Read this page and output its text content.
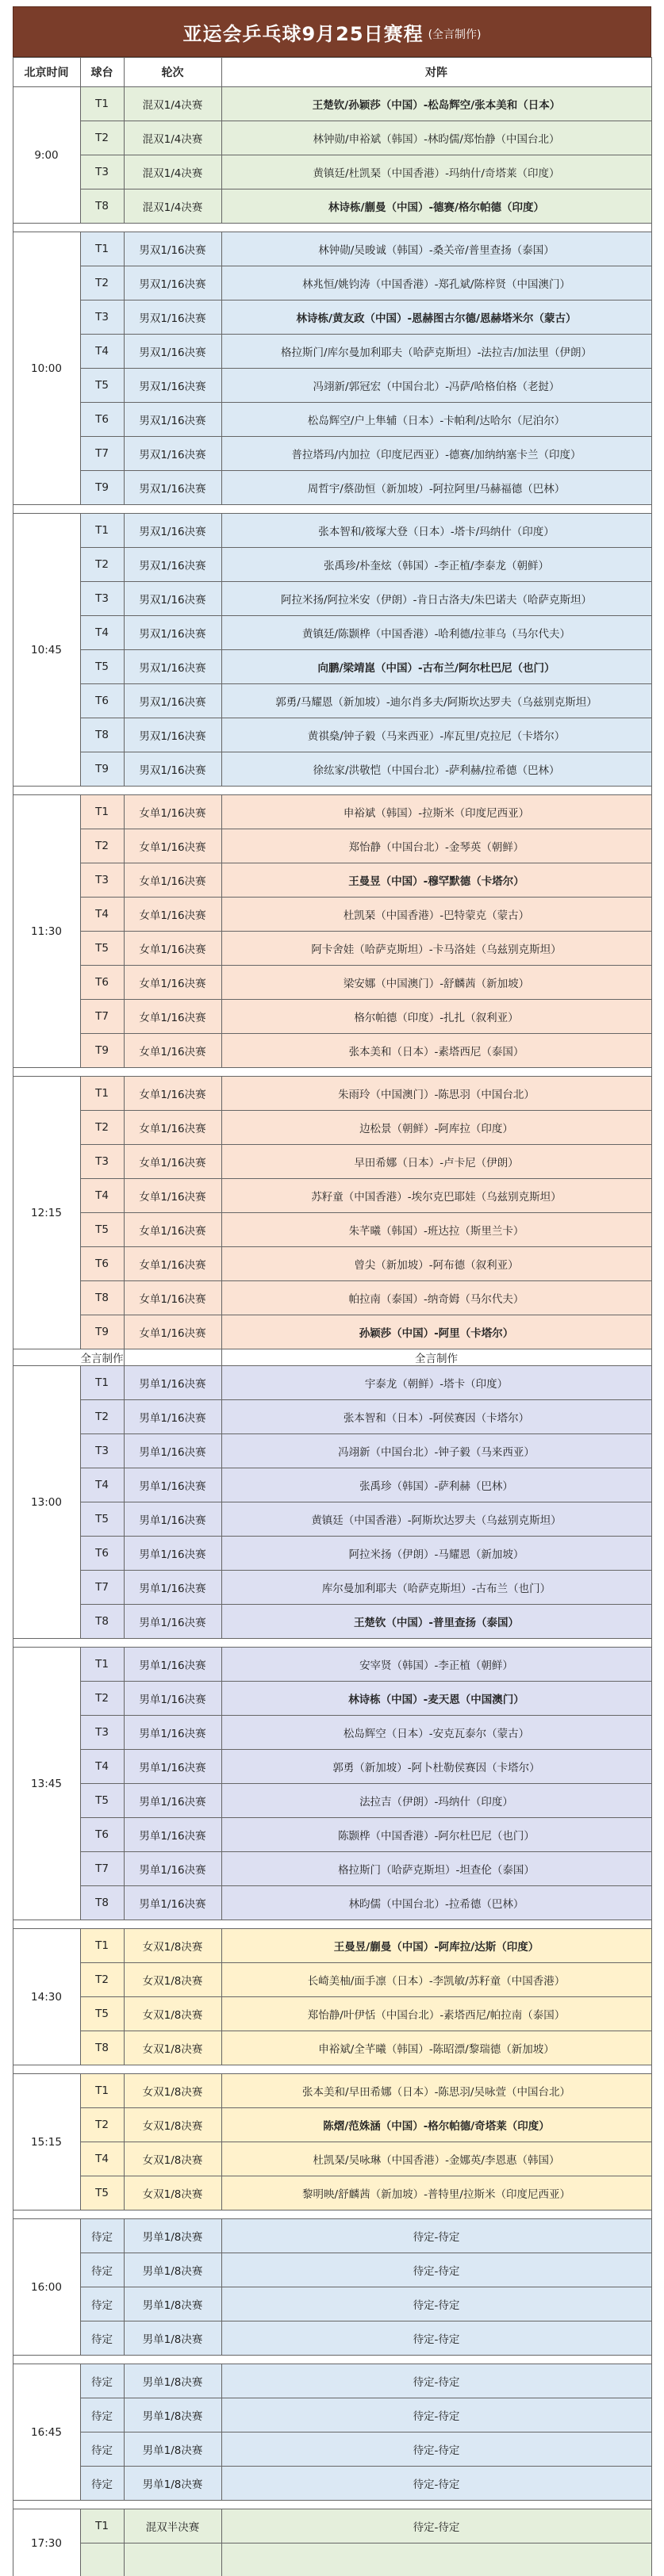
亚运会乒乓球9月25日赛程 (全言制作)
北京时间	球台	轮次	对阵
9:00	T1	混双1/4决赛	王楚钦/孙颖莎（中国）-松岛辉空/张本美和（日本）
	T2	混双1/4决赛	林钟勋/申裕斌（韩国）-林昀儒/郑怡静（中国台北）
	T3	混双1/4决赛	黄镇廷/杜凯琹（中国香港）-玛纳什/奇塔莱（印度）
	T8	混双1/4决赛	林诗栋/蒯曼（中国）-德赛/格尔帕德（印度）

10:00	T1	男双1/16决赛	林钟勋/吴晙诚（韩国）-桑关帝/普里查扬（泰国）
	T2	男双1/16决赛	林兆恒/姚钧涛（中国香港）-郑孔斌/陈梓贤（中国澳门）
	T3	男双1/16决赛	林诗栋/黄友政（中国）-恩赫图古尔德/恩赫塔米尔（蒙古）
	T4	男双1/16决赛	格拉斯门/库尔曼加利耶夫（哈萨克斯坦）-法拉吉/加法里（伊朗）
	T5	男双1/16决赛	冯翊新/郭冠宏（中国台北）-冯萨/哈格伯格（老挝）
	T6	男双1/16决赛	松岛辉空/户上隼辅（日本）-卡帕利/达哈尔（尼泊尔）
	T7	男双1/16决赛	普拉塔玛/内加拉（印度尼西亚）-德赛/加纳纳塞卡兰（印度）
	T9	男双1/16决赛	周哲宇/蔡劭恒（新加坡）-阿拉阿里/马赫福德（巴林）

10:45	T1	男双1/16决赛	张本智和/筱塚大登（日本）-塔卡/玛纳什（印度）
	T2	男双1/16决赛	张禹珍/朴奎炫（韩国）-李正植/李泰龙（朝鲜）
	T3	男双1/16决赛	阿拉米扬/阿拉米安（伊朗）-肯日古洛夫/朱巴诺夫（哈萨克斯坦）
	T4	男双1/16决赛	黄镇廷/陈颢桦（中国香港）-哈利德/拉菲乌（马尔代夫）
	T5	男双1/16决赛	向鹏/梁靖崑（中国）-古布兰/阿尔杜巴尼（也门）
	T6	男双1/16决赛	郭勇/马耀恩（新加坡）-迪尔肖多夫/阿斯坎达罗夫（乌兹别克斯坦）
	T8	男双1/16决赛	黄祺燊/钟子毅（马来西亚）-库瓦里/克拉尼（卡塔尔）
	T9	男双1/16决赛	徐纮家/洪敬恺（中国台北）-萨利赫/拉希德（巴林）

11:30	T1	女单1/16决赛	申裕斌（韩国）-拉斯米（印度尼西亚）
	T2	女单1/16决赛	郑怡静（中国台北）-金琴英（朝鲜）
	T3	女单1/16决赛	王曼昱（中国）-穆罕默德（卡塔尔）
	T4	女单1/16决赛	杜凯琹（中国香港）-巴特蒙克（蒙古）
	T5	女单1/16决赛	阿卡舍娃（哈萨克斯坦）-卡马洛娃（乌兹别克斯坦）
	T6	女单1/16决赛	梁安娜（中国澳门）-舒麟茜（新加坡）
	T7	女单1/16决赛	格尔帕德（印度）-扎扎（叙利亚）
	T9	女单1/16决赛	张本美和（日本）-素塔西尼（泰国）

12:15	T1	女单1/16决赛	朱雨玲（中国澳门）-陈思羽（中国台北）
	T2	女单1/16决赛	边松景（朝鲜）-阿库拉（印度）
	T3	女单1/16决赛	早田希娜（日本）-卢卡尼（伊朗）
	T4	女单1/16决赛	苏籽童（中国香港）-埃尔克巴耶娃（乌兹别克斯坦）
	T5	女单1/16决赛	朱芊曦（韩国）-班达拉（斯里兰卡）
	T6	女单1/16决赛	曾尖（新加坡）-阿布德（叙利亚）
	T8	女单1/16决赛	帕拉南（泰国）-纳奇姆（马尔代夫）
	T9	女单1/16决赛	孙颖莎（中国）-阿里（卡塔尔）
全言制作			全言制作
13:00	T1	男单1/16决赛	宇泰龙（朝鲜）-塔卡（印度）
	T2	男单1/16决赛	张本智和（日本）-阿侯赛因（卡塔尔）
	T3	男单1/16决赛	冯翊新（中国台北）-钟子毅（马来西亚）
	T4	男单1/16决赛	张禹珍（韩国）-萨利赫（巴林）
	T5	男单1/16决赛	黄镇廷（中国香港）-阿斯坎达罗夫（乌兹别克斯坦）
	T6	男单1/16决赛	阿拉米扬（伊朗）-马耀恩（新加坡）
	T7	男单1/16决赛	库尔曼加利耶夫（哈萨克斯坦）-古布兰（也门）
	T8	男单1/16决赛	王楚钦（中国）-普里查扬（泰国）

13:45	T1	男单1/16决赛	安宰贤（韩国）-李正植（朝鲜）
	T2	男单1/16决赛	林诗栋（中国）-麦天恩（中国澳门）
	T3	男单1/16决赛	松岛辉空（日本）-安克瓦泰尔（蒙古）
	T4	男单1/16决赛	郭勇（新加坡）-阿卜杜勒侯赛因（卡塔尔）
	T5	男单1/16决赛	法拉吉（伊朗）-玛纳什（印度）
	T6	男单1/16决赛	陈颢桦（中国香港）-阿尔杜巴尼（也门）
	T7	男单1/16决赛	格拉斯门（哈萨克斯坦）-坦查伦（泰国）
	T8	男单1/16决赛	林昀儒（中国台北）-拉希德（巴林）

14:30	T1	女双1/8决赛	王曼昱/蒯曼（中国）-阿库拉/达斯（印度）
	T2	女双1/8决赛	长崎美柚/面手凛（日本）-李凯敏/苏籽童（中国香港）
	T5	女双1/8决赛	郑怡静/叶伊恬（中国台北）-素塔西尼/帕拉南（泰国）
	T8	女双1/8决赛	申裕斌/全芊曦（韩国）-陈昭漂/黎瑞德（新加坡）

15:15	T1	女双1/8决赛	张本美和/早田希娜（日本）-陈思羽/吴咏萱（中国台北）
	T2	女双1/8决赛	陈熠/范姝涵（中国）-格尔帕德/奇塔莱（印度）
	T4	女双1/8决赛	杜凯琹/吴咏琳（中国香港）-金娜英/李恩惠（韩国）
	T5	女双1/8决赛	黎明映/舒麟茜（新加坡）-普特里/拉斯米（印度尼西亚）

16:00	待定	男单1/8决赛	待定-待定
	待定	男单1/8决赛	待定-待定
	待定	男单1/8决赛	待定-待定
	待定	男单1/8决赛	待定-待定

16:45	待定	男单1/8决赛	待定-待定
	待定	男单1/8决赛	待定-待定
	待定	男单1/8决赛	待定-待定
	待定	男单1/8决赛	待定-待定

17:30	T1	混双半决赛	待定-待定
